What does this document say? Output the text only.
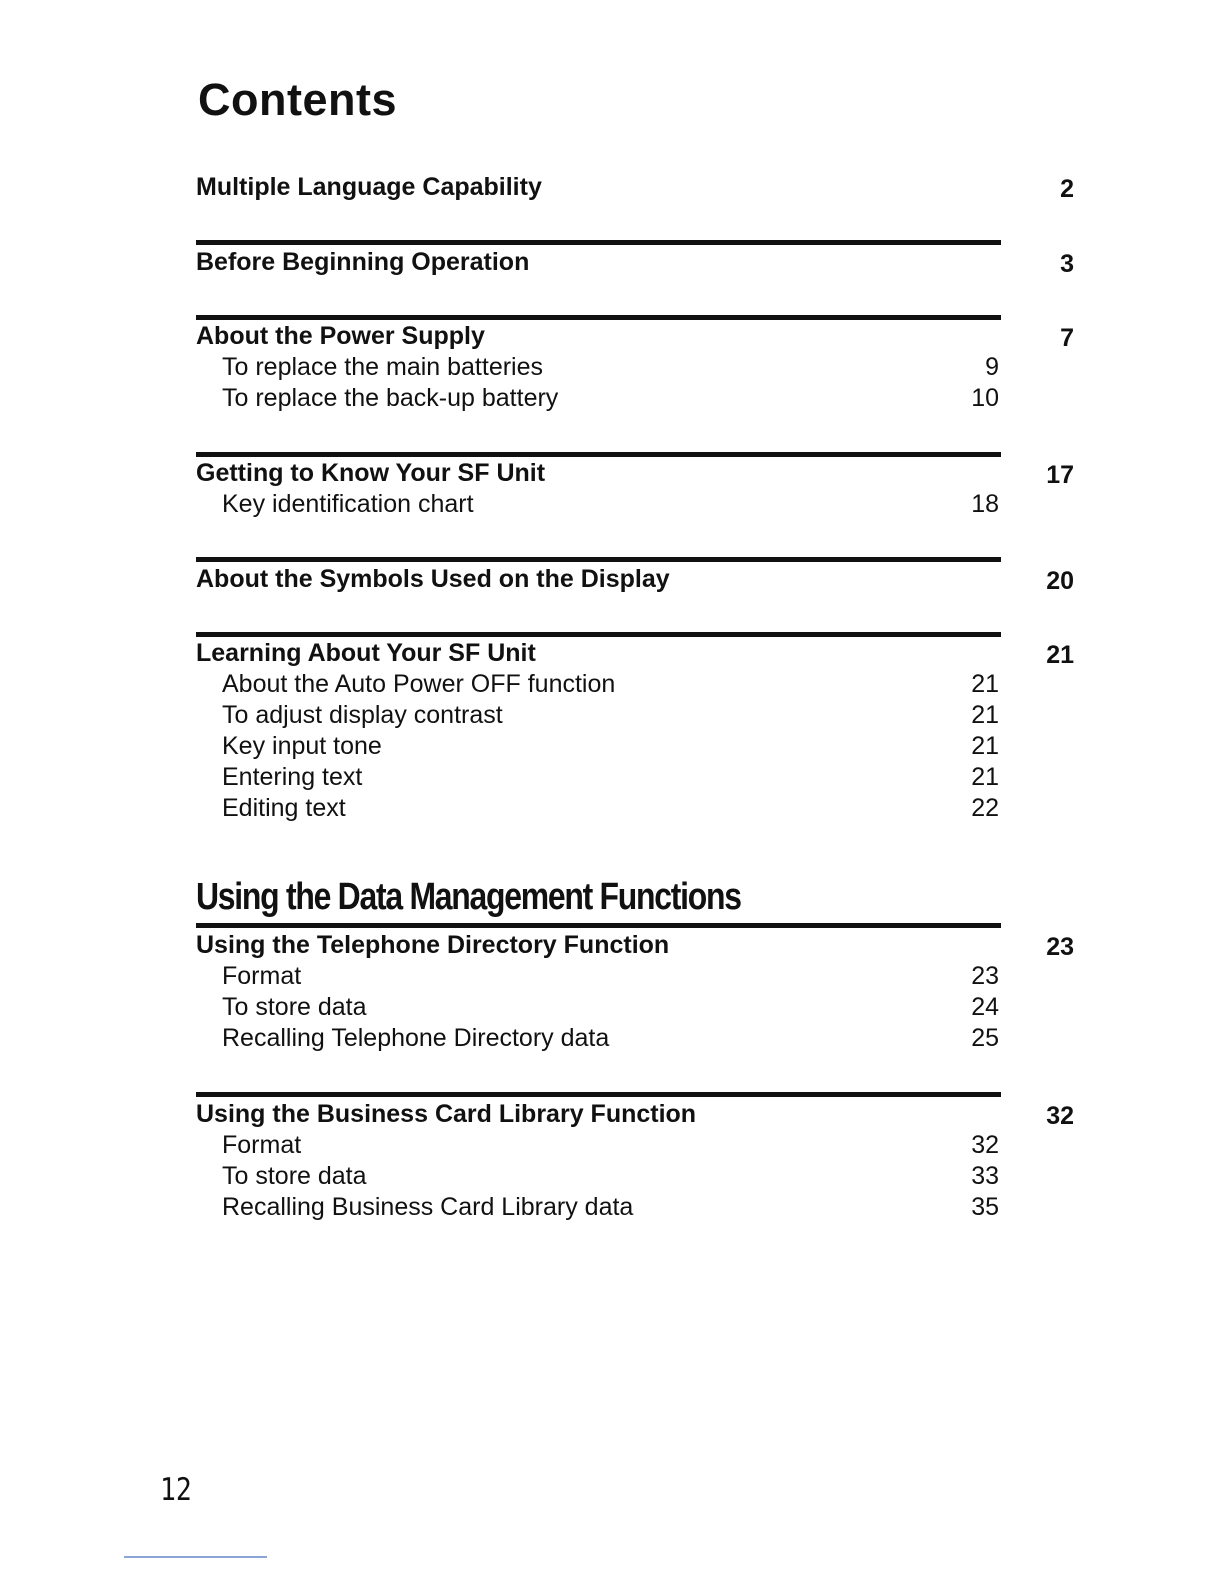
Contents
Multiple Language Capability	2
Before Beginning Operation	3
About the Power Supply	7
To replace the main batteries	9
To replace the back-up battery	10
Getting to Know Your SF Unit	17
Key identification chart	18
About the Symbols Used on the Display	20
Learning About Your SF Unit	21
About the Auto Power OFF function	21
To adjust display contrast	21
Key input tone	21
Entering text	21
Editing text	22
Using the Data Management Functions
Using the Telephone Directory Function	23
Format	23
To store data	24
Recalling Telephone Directory data	25
Using the Business Card Library Function	32
Format	32
To store data	33
Recalling Business Card Library data	35
12
